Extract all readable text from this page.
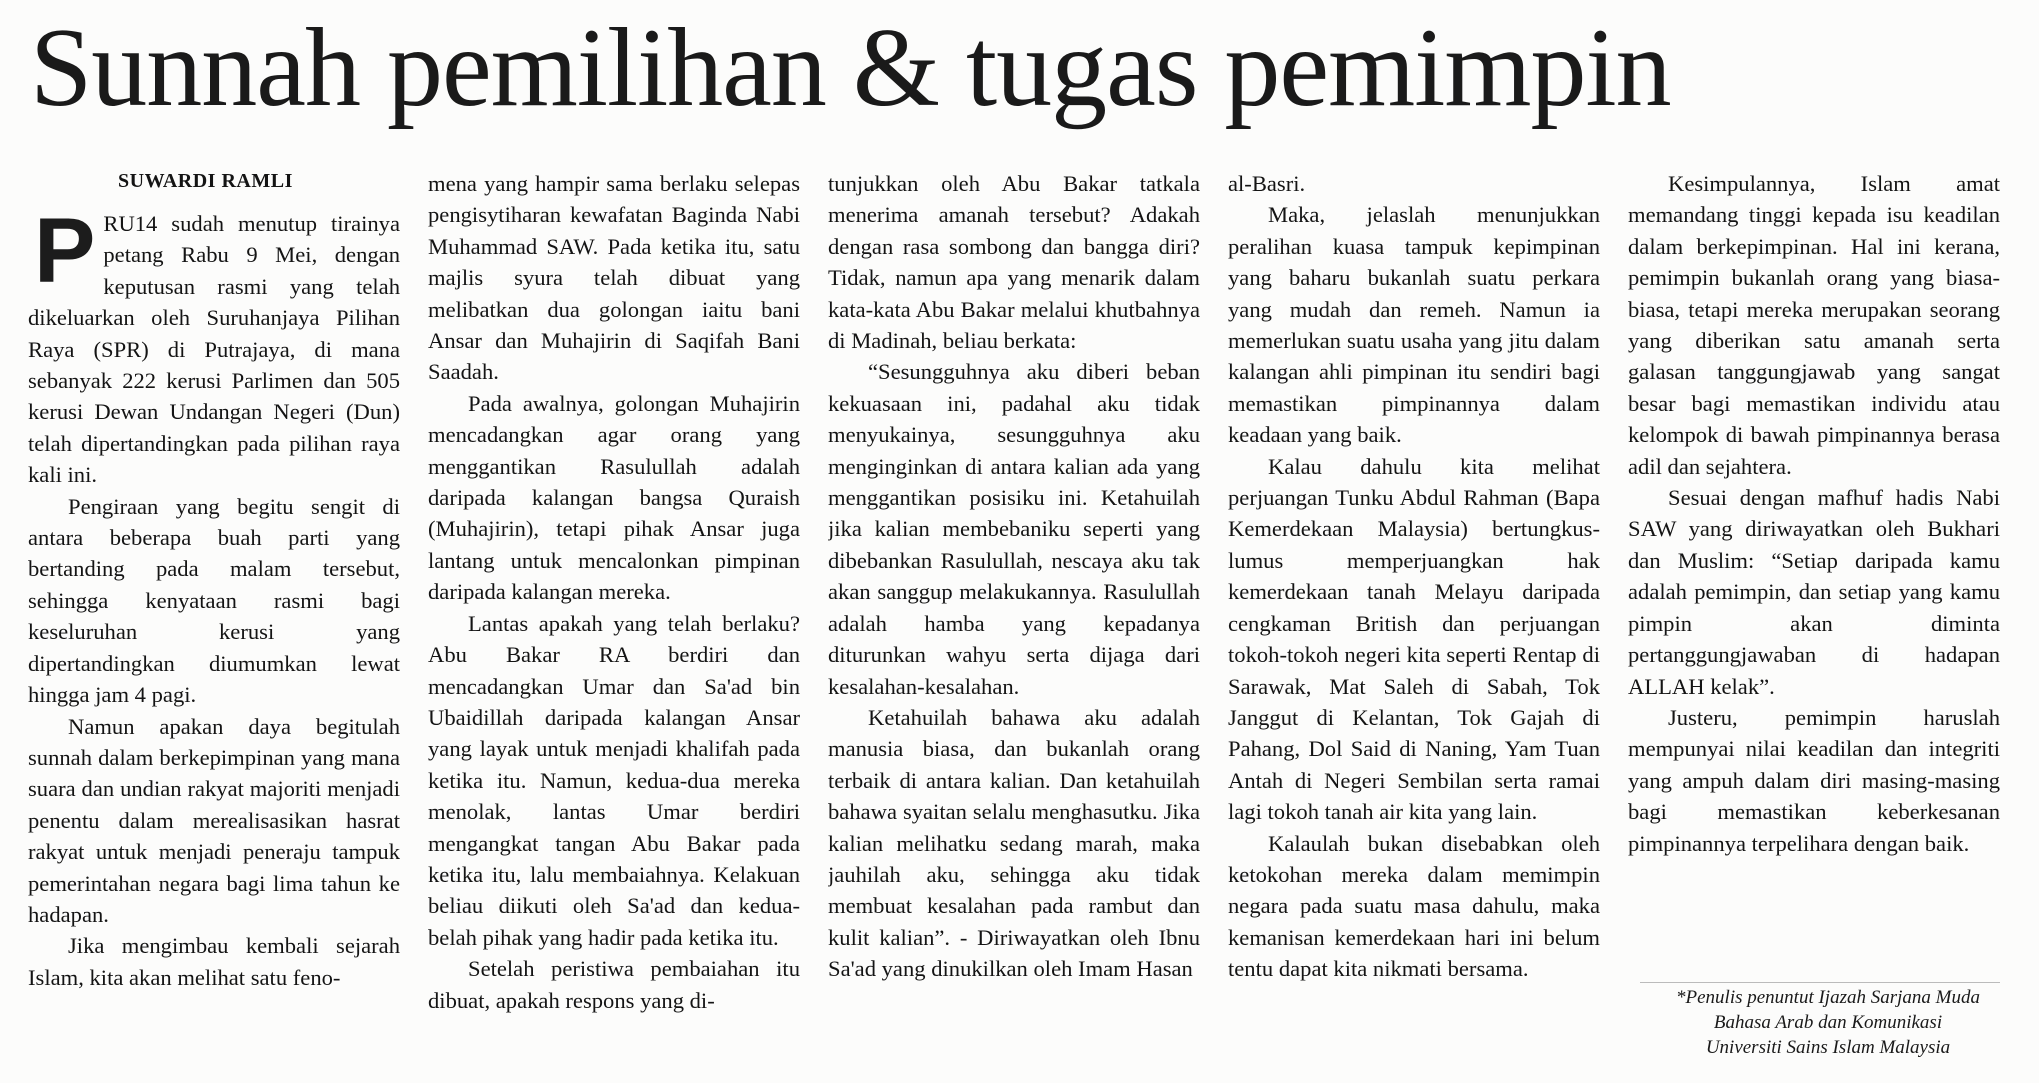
Sunnah pemilihan & tugas pemimpin

SUWARDI RAMLI

PRU14 sudah menutup tirainya petang Rabu 9 Mei, dengan keputusan rasmi yang telah dikeluarkan oleh Suruhanjaya Pilihan Raya (SPR) di Putrajaya, di mana sebanyak 222 kerusi Parlimen dan 505 kerusi Dewan Undangan Negeri (Dun) telah dipertandingkan pada pilihan raya kali ini.

Pengiraan yang begitu sengit di antara beberapa buah parti yang bertanding pada malam tersebut, sehingga kenyataan rasmi bagi keseluruhan kerusi yang dipertandingkan diumumkan lewat hingga jam 4 pagi.

Namun apakan daya begitulah sunnah dalam berkepimpinan yang mana suara dan undian rakyat majoriti menjadi penentu dalam merealisasikan hasrat rakyat untuk menjadi peneraju tampuk pemerintahan negara bagi lima tahun ke hadapan.

Jika mengimbau kembali sejarah Islam, kita akan melihat satu feno-

mena yang hampir sama berlaku selepas pengisytiharan kewafatan Baginda Nabi Muhammad SAW. Pada ketika itu, satu majlis syura telah dibuat yang melibatkan dua golongan iaitu bani Ansar dan Muhajirin di Saqifah Bani Saadah.

Pada awalnya, golongan Muhajirin mencadangkan agar orang yang menggantikan Rasulullah adalah daripada kalangan bangsa Quraish (Muhajirin), tetapi pihak Ansar juga lantang untuk mencalonkan pimpinan daripada kalangan mereka.

Lantas apakah yang telah berlaku? Abu Bakar RA berdiri dan mencadangkan Umar dan Sa'ad bin Ubaidillah daripada kalangan Ansar yang layak untuk menjadi khalifah pada ketika itu. Namun, kedua-dua mereka menolak, lantas Umar berdiri mengangkat tangan Abu Bakar pada ketika itu, lalu membaiahnya. Kelakuan beliau diikuti oleh Sa'ad dan kedua-belah pihak yang hadir pada ketika itu.

Setelah peristiwa pembaiahan itu dibuat, apakah respons yang di-

tunjukkan oleh Abu Bakar tatkala menerima amanah tersebut? Adakah dengan rasa sombong dan bangga diri? Tidak, namun apa yang menarik dalam kata-kata Abu Bakar melalui khutbahnya di Madinah, beliau berkata:

“Sesungguhnya aku diberi beban kekuasaan ini, padahal aku tidak menyukainya, sesungguhnya aku menginginkan di antara kalian ada yang menggantikan posisiku ini. Ketahuilah jika kalian membebaniku seperti yang dibebankan Rasulullah, nescaya aku tak akan sanggup melakukannya. Rasulullah adalah hamba yang kepadanya diturunkan wahyu serta dijaga dari kesalahan-kesalahan.

Ketahuilah bahawa aku adalah manusia biasa, dan bukanlah orang terbaik di antara kalian. Dan ketahuilah bahawa syaitan selalu menghasutku. Jika kalian melihatku sedang marah, maka jauhilah aku, sehingga aku tidak membuat kesalahan pada rambut dan kulit kalian”. - Diriwayatkan oleh Ibnu Sa'ad yang dinukilkan oleh Imam Hasan

al-Basri.

Maka, jelaslah menunjukkan peralihan kuasa tampuk kepimpinan yang baharu bukanlah suatu perkara yang mudah dan remeh. Namun ia memerlukan suatu usaha yang jitu dalam kalangan ahli pimpinan itu sendiri bagi memastikan pimpinannya dalam keadaan yang baik.

Kalau dahulu kita melihat perjuangan Tunku Abdul Rahman (Bapa Kemerdekaan Malaysia) bertungkus-lumus memperjuangkan hak kemerdekaan tanah Melayu daripada cengkaman British dan perjuangan tokoh-tokoh negeri kita seperti Rentap di Sarawak, Mat Saleh di Sabah, Tok Janggut di Kelantan, Tok Gajah di Pahang, Dol Said di Naning, Yam Tuan Antah di Negeri Sembilan serta ramai lagi tokoh tanah air kita yang lain.

Kalaulah bukan disebabkan oleh ketokohan mereka dalam memimpin negara pada suatu masa dahulu, maka kemanisan kemerdekaan hari ini belum tentu dapat kita nikmati bersama.

Kesimpulannya, Islam amat memandang tinggi kepada isu keadilan dalam berkepimpinan. Hal ini kerana, pemimpin bukanlah orang yang biasa-biasa, tetapi mereka merupakan seorang yang diberikan satu amanah serta galasan tanggungjawab yang sangat besar bagi memastikan individu atau kelompok di bawah pimpinannya berasa adil dan sejahtera.

Sesuai dengan mafhuf hadis Nabi SAW yang diriwayatkan oleh Bukhari dan Muslim: “Setiap daripada kamu adalah pemimpin, dan setiap yang kamu pimpin akan diminta pertanggungjawaban di hadapan ALLAH kelak”.

Justeru, pemimpin haruslah mempunyai nilai keadilan dan integriti yang ampuh dalam diri masing-masing bagi memastikan keberkesanan pimpinannya terpelihara dengan baik.

*Penulis penuntut Ijazah Sarjana Muda
Bahasa Arab dan Komunikasi
Universiti Sains Islam Malaysia
